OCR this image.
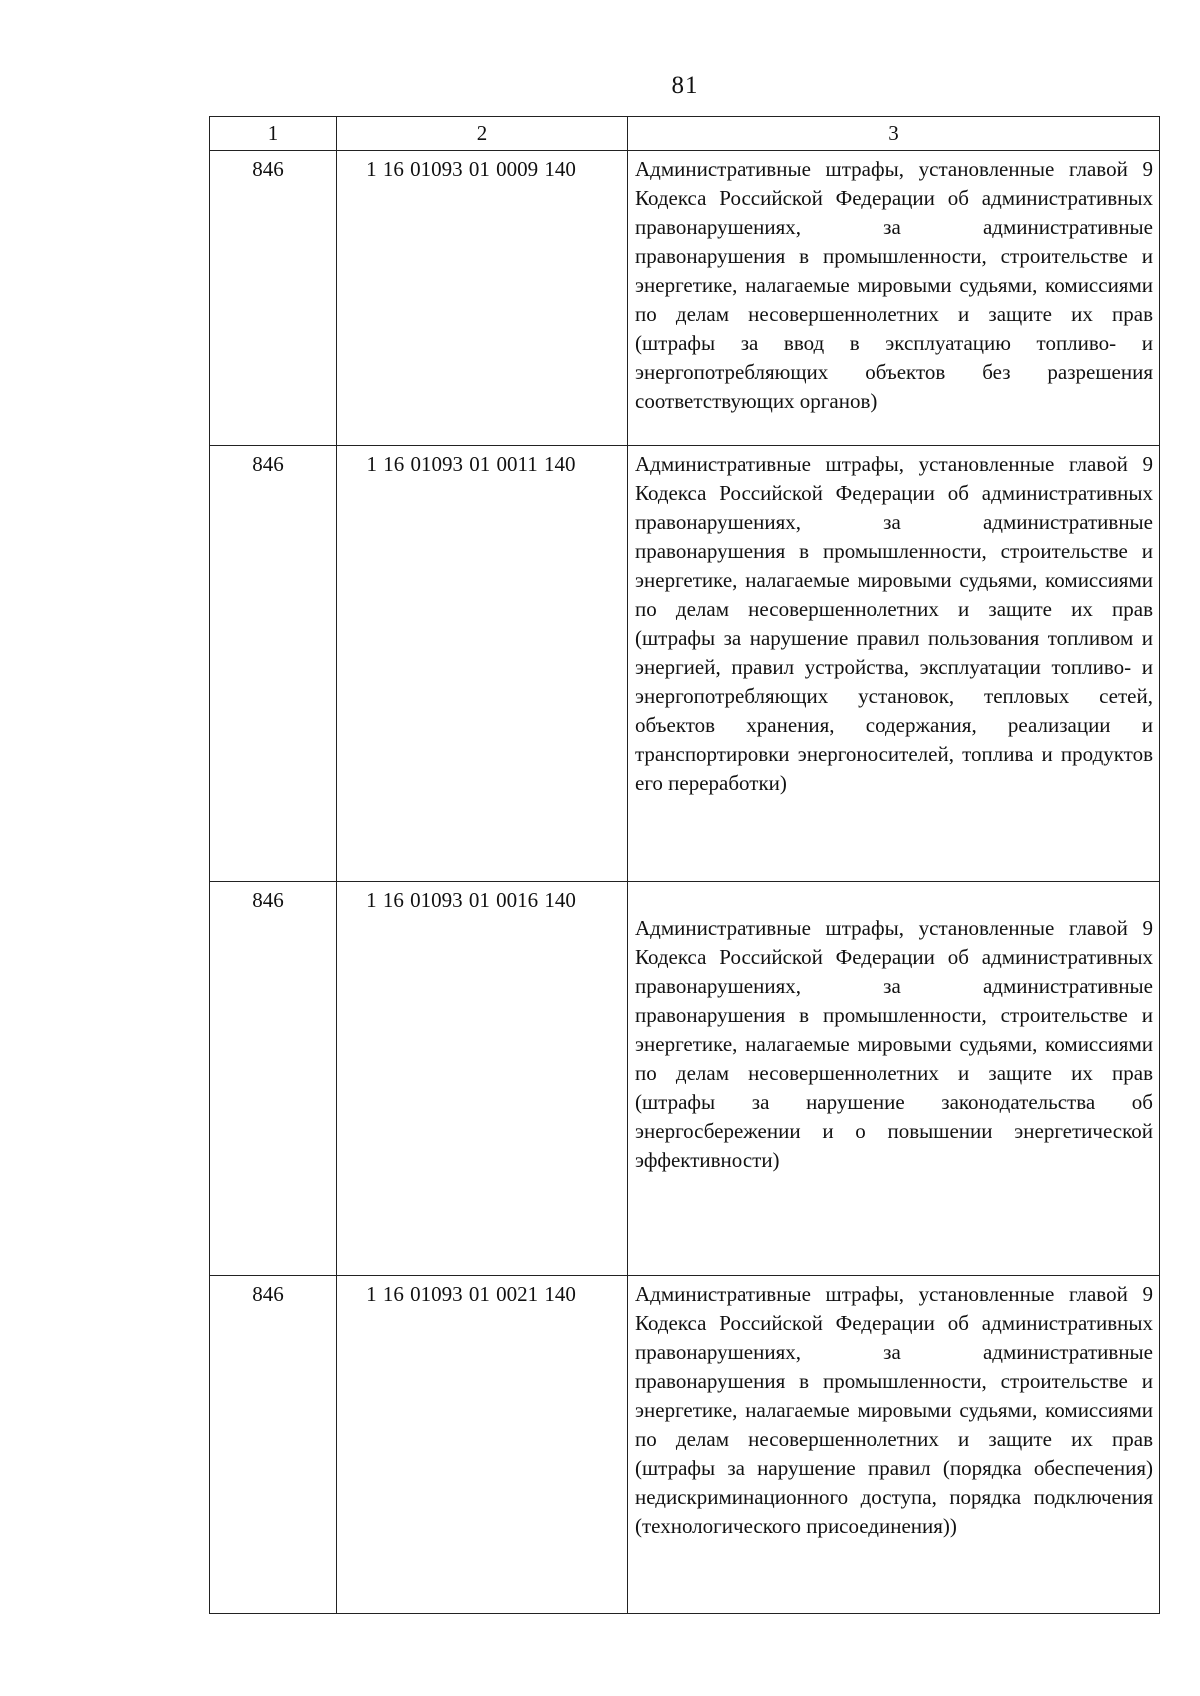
81
1	2	3
846	1 16 01093 01 0009 140	Административные штрафы, установленные главой 9 Кодекса Российской Федерации об административных правонарушениях, за административные правонарушения в промышленности, строительстве и энергетике, налагаемые мировыми судьями, комиссиями по делам несовершеннолетних и защите их прав (штрафы за ввод в эксплуатацию топливо- и энергопотребляющих объектов без разрешения соответствующих органов)
846	1 16 01093 01 0011 140	Административные штрафы, установленные главой 9 Кодекса Российской Федерации об административных правонарушениях, за административные правонарушения в промышленности, строительстве и энергетике, налагаемые мировыми судьями, комиссиями по делам несовершеннолетних и защите их прав (штрафы за нарушение правил пользования топливом и энергией, правил устройства, эксплуатации топливо- и энергопотребляющих установок, тепловых сетей, объектов хранения, содержания, реализации и транспортировки энергоносителей, топлива и продуктов его переработки)
846	1 16 01093 01 0016 140	Административные штрафы, установленные главой 9 Кодекса Российской Федерации об административных правонарушениях, за административные правонарушения в промышленности, строительстве и энергетике, налагаемые мировыми судьями, комиссиями по делам несовершеннолетних и защите их прав (штрафы за нарушение законодательства об энергосбережении и о повышении энергетической эффективности)
846	1 16 01093 01 0021 140	Административные штрафы, установленные главой 9 Кодекса Российской Федерации об административных правонарушениях, за административные правонарушения в промышленности, строительстве и энергетике, налагаемые мировыми судьями, комиссиями по делам несовершеннолетних и защите их прав (штрафы за нарушение правил (порядка обеспечения) недискриминационного доступа, порядка подключения (технологического присоединения))
